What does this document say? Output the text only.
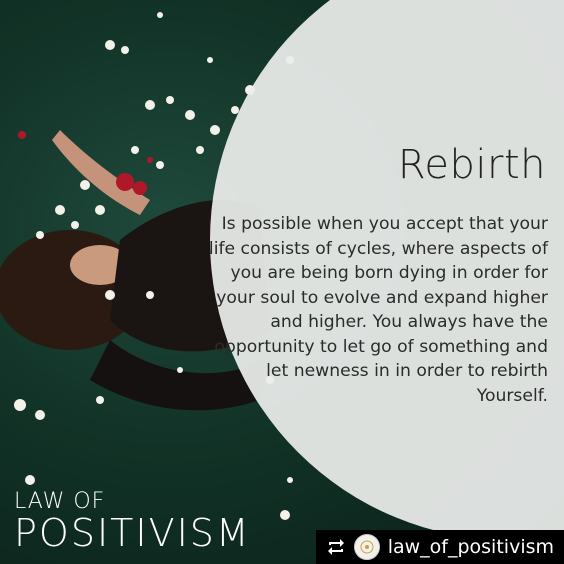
Rebirth

Is possible when you accept that your life consists of cycles, where aspects of you are being born dying in order for your soul to evolve and expand higher and higher. You always have the opportunity to let go of something and let newness in in order to rebirth Yourself.

LAW OF
POSITIVISM	law_of_positivism
